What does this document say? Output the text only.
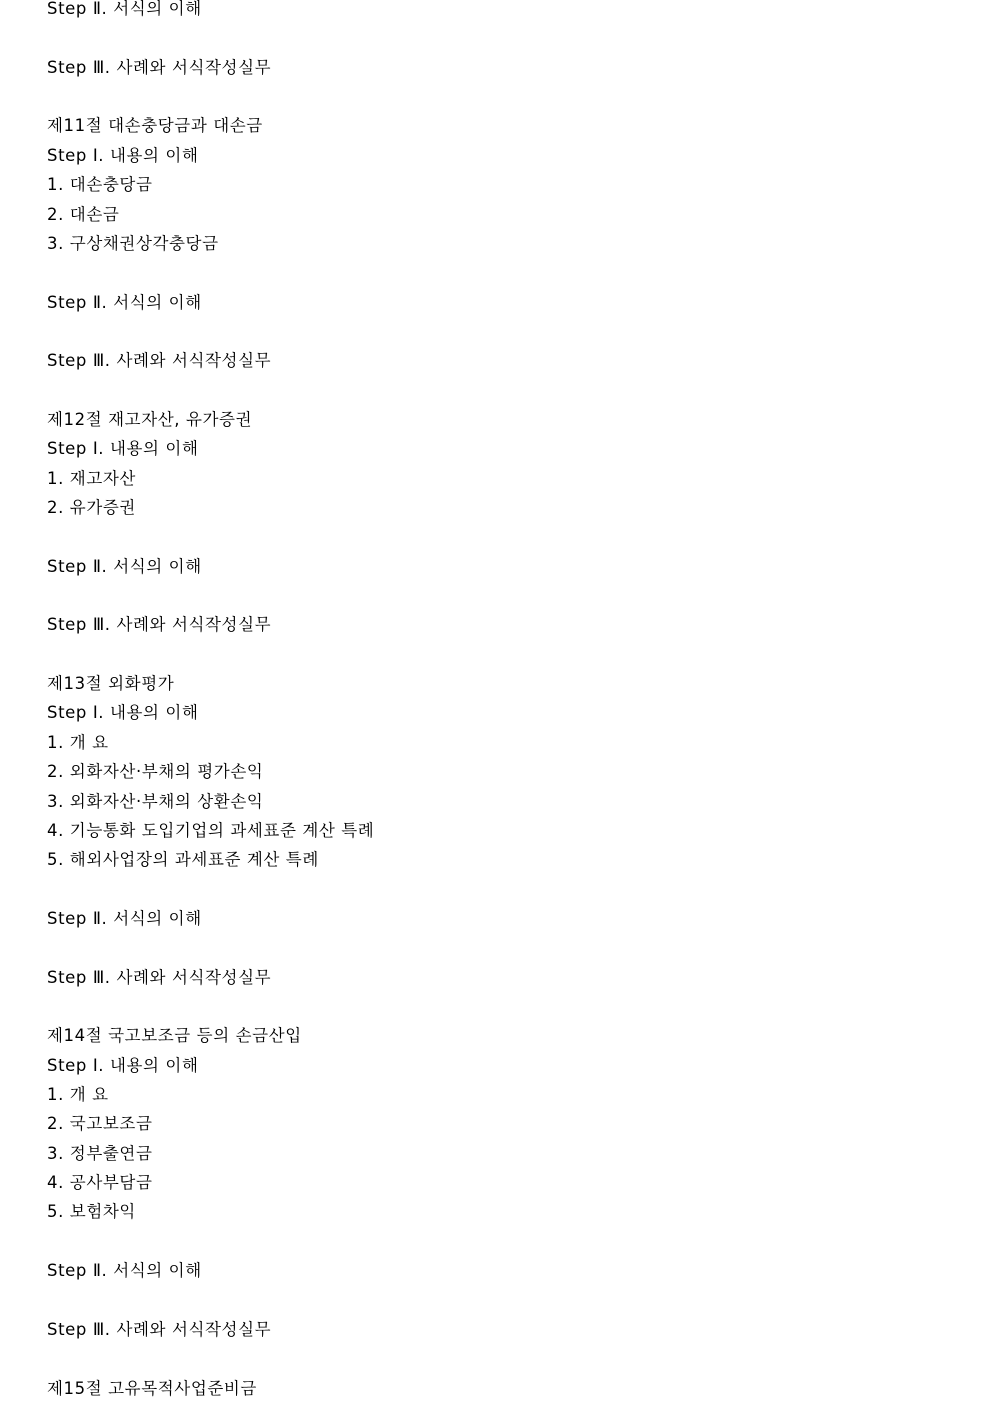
Step Ⅱ. 서식의 이해
Step Ⅲ. 사례와 서식작성실무
제11절 대손충당금과 대손금
Step Ⅰ. 내용의 이해
1. 대손충당금
2. 대손금
3. 구상채권상각충당금
Step Ⅱ. 서식의 이해
Step Ⅲ. 사례와 서식작성실무
제12절 재고자산, 유가증권
Step Ⅰ. 내용의 이해
1. 재고자산
2. 유가증권
Step Ⅱ. 서식의 이해
Step Ⅲ. 사례와 서식작성실무
제13절 외화평가
Step Ⅰ. 내용의 이해
1. 개 요
2. 외화자산·부채의 평가손익
3. 외화자산·부채의 상환손익
4. 기능통화 도입기업의 과세표준 계산 특례
5. 해외사업장의 과세표준 계산 특례
Step Ⅱ. 서식의 이해
Step Ⅲ. 사례와 서식작성실무
제14절 국고보조금 등의 손금산입
Step Ⅰ. 내용의 이해
1. 개 요
2. 국고보조금
3. 정부출연금
4. 공사부담금
5. 보험차익
Step Ⅱ. 서식의 이해
Step Ⅲ. 사례와 서식작성실무
제15절 고유목적사업준비금
